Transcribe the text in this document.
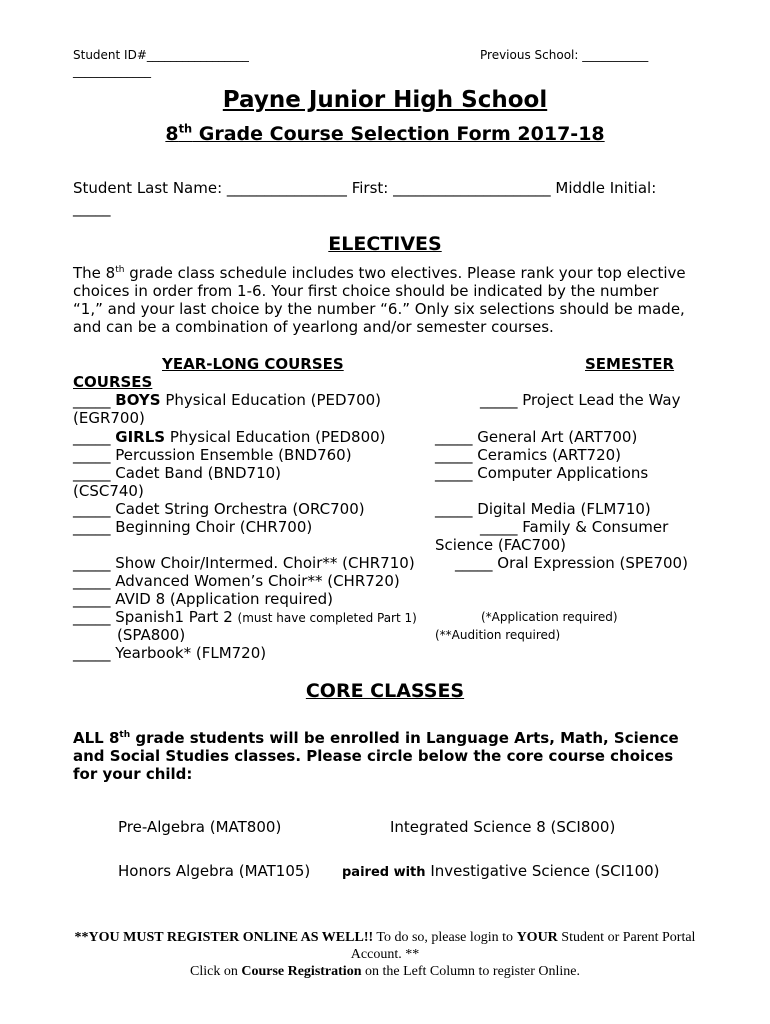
Student ID#_________________	Previous School: ___________
_____________
Payne Junior High School
8th Grade Course Selection Form 2017-18
Student Last Name: ________________ First: _____________________ Middle Initial:
_____
ELECTIVES
The 8th grade class schedule includes two electives. Please rank your top elective
choices in order from 1-6. Your first choice should be indicated by the number
“1,” and your last choice by the number “6.” Only six selections should be made,
and can be a combination of yearlong and/or semester courses.
YEAR-LONG COURSES	SEMESTER
COURSES
_____ BOYS Physical Education (PED700)
(EGR700)
_____ GIRLS Physical Education (PED800)
_____ Percussion Ensemble (BND760)
_____ Cadet Band (BND710)
(CSC740)
_____ Cadet String Orchestra (ORC700)
_____ Beginning Choir (CHR700)
_____ Show Choir/Intermed. Choir** (CHR710)
_____ Advanced Women’s Choir** (CHR720)
_____ AVID 8 (Application required)
_____ Spanish1 Part 2 (must have completed Part 1)
(SPA800)
_____ Yearbook* (FLM720)
_____ Project Lead the Way
_____ General Art (ART700)
_____ Ceramics (ART720)
_____ Computer Applications
_____ Digital Media (FLM710)
_____ Family & Consumer
Science (FAC700)
_____ Oral Expression (SPE700)
(*Application required)
(**Audition required)
CORE CLASSES
ALL 8th grade students will be enrolled in Language Arts, Math, Science
and Social Studies classes. Please circle below the core course choices
for your child:
Pre-Algebra (MAT800)	Integrated Science 8 (SCI800)
Honors Algebra (MAT105) paired with Investigative Science (SCI100)
**YOU MUST REGISTER ONLINE AS WELL!! To do so, please login to YOUR Student or Parent Portal
Account. **
Click on Course Registration on the Left Column to register Online.
